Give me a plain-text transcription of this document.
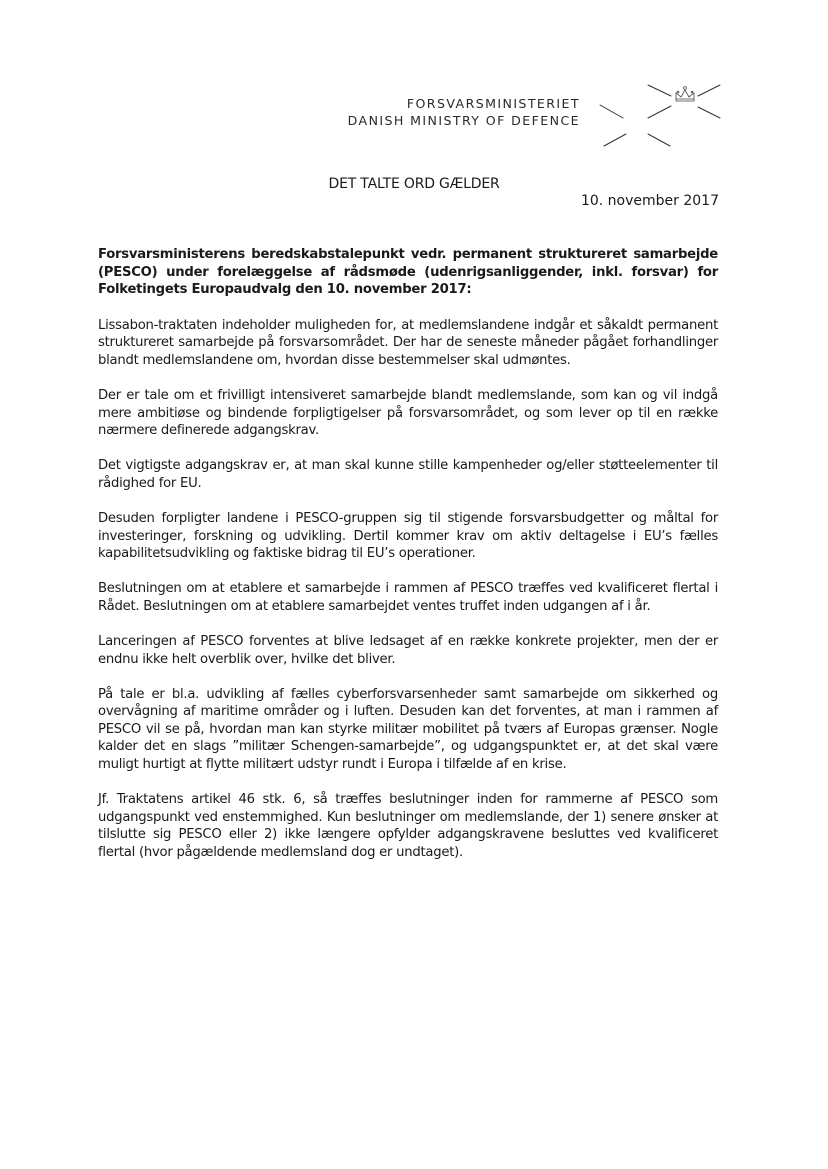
FORSVARSMINISTERIET
DANISH MINISTRY OF DEFENCE
DET TALTE ORD GÆLDER
10. november 2017

Forsvarsministerens beredskabstalepunkt vedr. permanent struktureret samarbejde (PESCO) under forelæggelse af rådsmøde (udenrigsanliggender, inkl. forsvar) for Folketingets Europaudvalg den 10. november 2017:

Lissabon-traktaten indeholder muligheden for, at medlemslandene indgår et såkaldt permanent struktureret samarbejde på forsvarsområdet. Der har de seneste måneder pågået forhandlinger blandt medlemslandene om, hvordan disse bestemmelser skal udmøntes.

Der er tale om et frivilligt intensiveret samarbejde blandt medlemslande, som kan og vil indgå mere ambitiøse og bindende forpligtigelser på forsvarsområdet, og som lever op til en række nærmere definerede adgangskrav.

Det vigtigste adgangskrav er, at man skal kunne stille kampenheder og/eller støtteelementer til rådighed for EU.

Desuden forpligter landene i PESCO-gruppen sig til stigende forsvarsbudgetter og måltal for investeringer, forskning og udvikling. Dertil kommer krav om aktiv deltagelse i EU’s fælles kapabilitetsudvikling og faktiske bidrag til EU’s operationer.

Beslutningen om at etablere et samarbejde i rammen af PESCO træffes ved kvalificeret flertal i Rådet. Beslutningen om at etablere samarbejdet ventes truffet inden udgangen af i år.

Lanceringen af PESCO forventes at blive ledsaget af en række konkrete projekter, men der er endnu ikke helt overblik over, hvilke det bliver.

På tale er bl.a. udvikling af fælles cyberforsvarsenheder samt samarbejde om sikkerhed og overvågning af maritime områder og i luften. Desuden kan det forventes, at man i rammen af PESCO vil se på, hvordan man kan styrke militær mobilitet på tværs af Europas grænser. Nogle kalder det en slags ”militær Schengen-samarbejde”, og udgangspunktet er, at det skal være muligt hurtigt at flytte militært udstyr rundt i Europa i tilfælde af en krise.

Jf. Traktatens artikel 46 stk. 6, så træffes beslutninger inden for rammerne af PESCO som udgangspunkt ved enstemmighed. Kun beslutninger om medlemslande, der 1) senere ønsker at tilslutte sig PESCO eller 2) ikke længere opfylder adgangskravene besluttes ved kvalificeret flertal (hvor pågældende medlemsland dog er undtaget).
